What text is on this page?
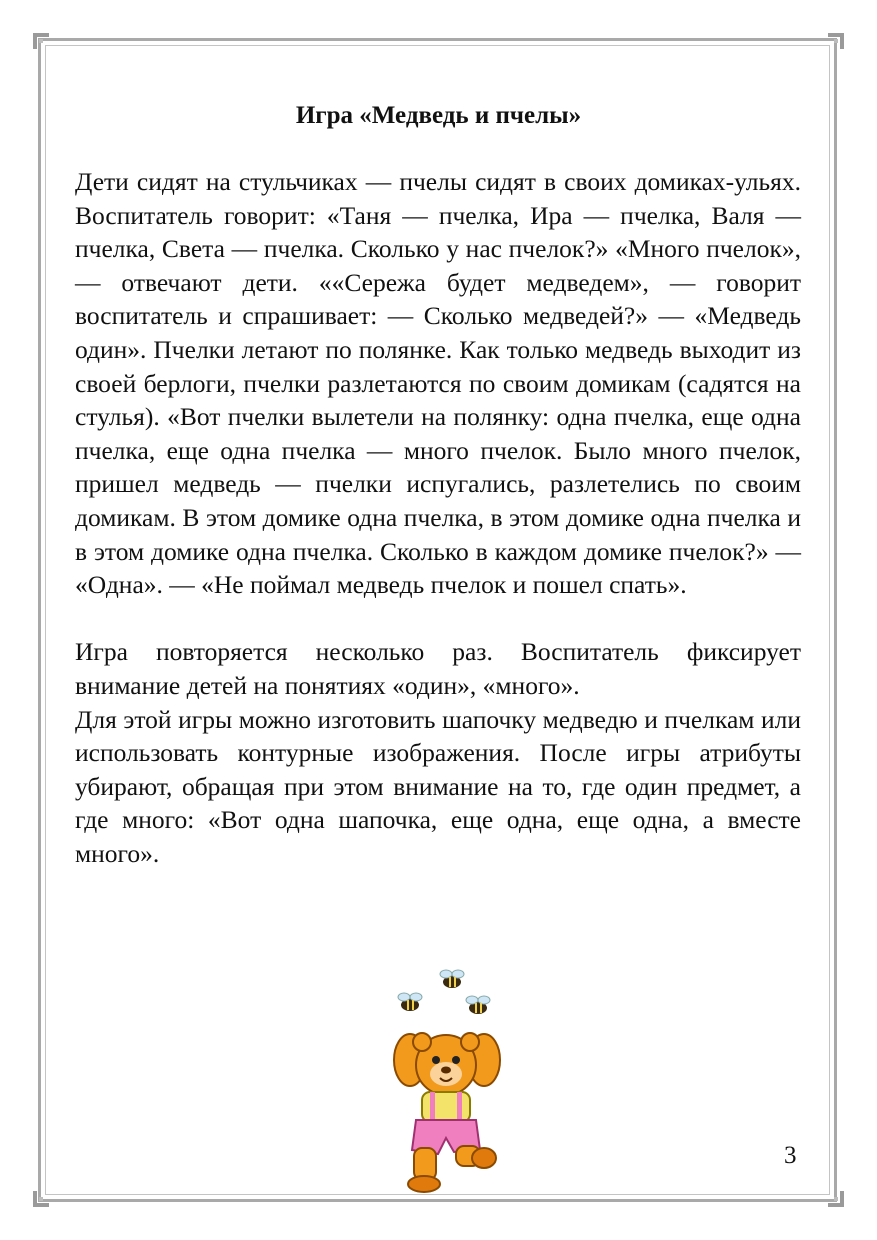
Игра «Медведь и пчелы»

Дети сидят на стульчиках — пчелы сидят в своих домиках-ульях. Воспитатель говорит: «Таня — пчелка, Ира — пчелка, Валя — пчелка, Света — пчелка. Сколько у нас пчелок?» «Много пчелок», — отвечают дети. ««Сережа будет медведем», — говорит воспитатель и спрашивает: — Сколько медведей?» — «Медведь один». Пчелки летают по полянке. Как только медведь выходит из своей берлоги, пчелки разлетаются по своим домикам (садятся на стулья). «Вот пчелки вылетели на полянку: одна пчелка, еще одна пчелка, еще одна пчелка — много пчелок. Было много пчелок, пришел медведь — пчелки испугались, разлетелись по своим домикам. В этом домике одна пчелка, в этом домике одна пчелка и в этом домике одна пчелка. Сколько в каждом домике пчелок?» — «Одна». — «Не поймал медведь пчелок и пошел спать».

Игра повторяется несколько раз. Воспитатель фиксирует внимание детей на понятиях «один», «много».

Для этой игры можно изготовить шапочку медведю и пчелкам или использовать контурные изображения. После игры атрибуты убирают, обращая при этом внимание на то, где один предмет, а где много: «Вот одна шапочка, еще одна, еще одна, а вместе много».

3
